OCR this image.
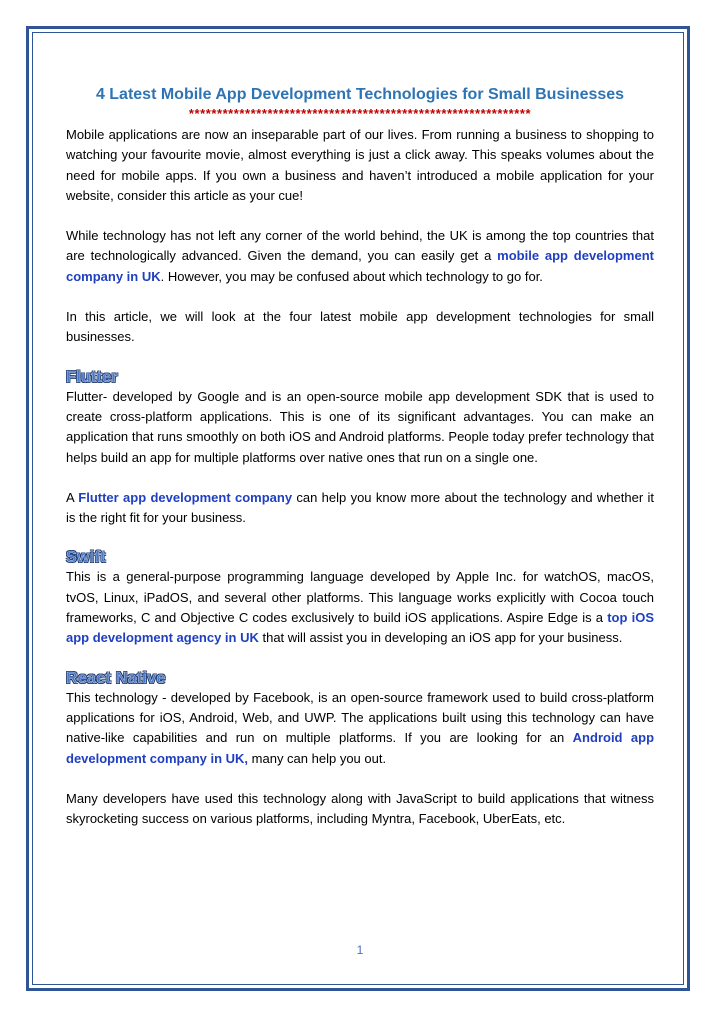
4 Latest Mobile App Development Technologies for Small Businesses
*************************************************************

Mobile applications are now an inseparable part of our lives. From running a business to shopping to watching your favourite movie, almost everything is just a click away. This speaks volumes about the need for mobile apps. If you own a business and haven’t introduced a mobile application for your website, consider this article as your cue!

While technology has not left any corner of the world behind, the UK is among the top countries that are technologically advanced. Given the demand, you can easily get a mobile app development company in UK. However, you may be confused about which technology to go for.

In this article, we will look at the four latest mobile app development technologies for small businesses.

Flutter

Flutter- developed by Google and is an open-source mobile app development SDK that is used to create cross-platform applications. This is one of its significant advantages. You can make an application that runs smoothly on both iOS and Android platforms. People today prefer technology that helps build an app for multiple platforms over native ones that run on a single one.

A Flutter app development company can help you know more about the technology and whether it is the right fit for your business.

Swift

This is a general-purpose programming language developed by Apple Inc. for watchOS, macOS, tvOS, Linux, iPadOS, and several other platforms. This language works explicitly with Cocoa touch frameworks, C and Objective C codes exclusively to build iOS applications. Aspire Edge is a top iOS app development agency in UK that will assist you in developing an iOS app for your business.

React Native

This technology - developed by Facebook, is an open-source framework used to build cross-platform applications for iOS, Android, Web, and UWP. The applications built using this technology can have native-like capabilities and run on multiple platforms. If you are looking for an Android app development company in UK, many can help you out.

Many developers have used this technology along with JavaScript to build applications that witness skyrocketing success on various platforms, including Myntra, Facebook, UberEats, etc.

1
